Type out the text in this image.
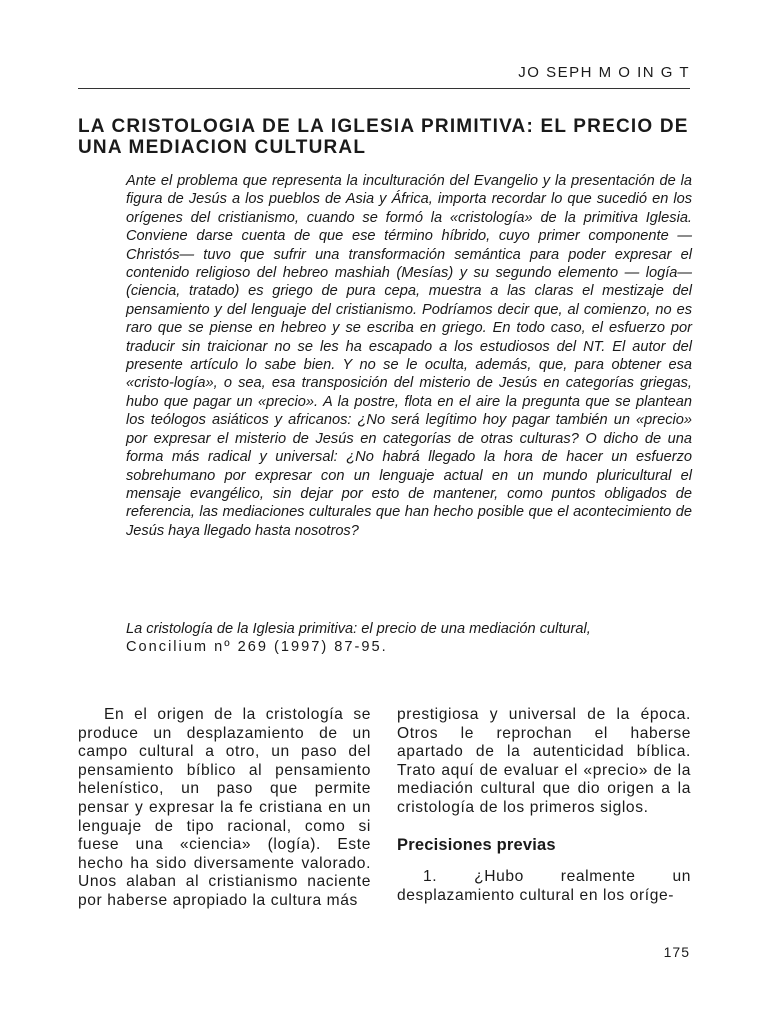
JO SEPH M O IN G T
LA CRISTOLOGIA DE LA IGLESIA PRIMITIVA: EL PRECIO DE UNA MEDIACION CULTURAL

Ante el problema que representa la inculturación del Evangelio y la presentación de la figura de Jesús a los pueblos de Asia y África, importa recordar lo que sucedió en los orígenes del cristianismo, cuando se formó la «cristología» de la primitiva Iglesia. Conviene darse cuenta de que ese término híbrido, cuyo primer componente — Christós— tuvo que sufrir una transformación semántica para poder expresar el contenido religioso del hebreo mashiah (Mesías) y su segundo elemento — logía— (ciencia, tratado) es griego de pura cepa, muestra a las claras el mestizaje del pensamiento y del lenguaje del cristianismo. Podríamos decir que, al comienzo, no es raro que se piense en hebreo y se escriba en griego. En todo caso, el esfuerzo por traducir sin traicionar no se les ha escapado a los estudiosos del NT. El autor del presente artículo lo sabe bien. Y no se le oculta, además, que, para obtener esa «cristo-logía», o sea, esa transposición del misterio de Jesús en categorías griegas, hubo que pagar un «precio». A la postre, flota en el aire la pregunta que se plantean los teólogos asiáticos y africanos: ¿No será legítimo hoy pagar también un «precio» por expresar el misterio de Jesús en categorías de otras culturas? O dicho de una forma más radical y universal: ¿No habrá llegado la hora de hacer un esfuerzo sobrehumano por expresar con un lenguaje actual en un mundo pluricultural el mensaje evangélico, sin dejar por esto de mantener, como puntos obligados de referencia, las mediaciones culturales que han hecho posible que el acontecimiento de Jesús haya llegado hasta nosotros?

La cristología de la Iglesia primitiva: el precio de una mediación cultural,
Concilium nº 269 (1997) 87-95.

En el origen de la cristología se produce un desplazamiento de un campo cultural a otro, un paso del pensamiento bíblico al pensamiento helenístico, un paso que permite pensar y expresar la fe cristiana en un lenguaje de tipo racional, como si fuese una «ciencia» (logía). Este hecho ha sido diversamente valorado. Unos alaban al cristianismo naciente por haberse apropiado la cultura más

prestigiosa y universal de la época. Otros le reprochan el haberse apartado de la autenticidad bíblica. Trato aquí de evaluar el «precio» de la mediación cultural que dio origen a la cristología de los primeros siglos.

Precisiones previas

1. ¿Hubo realmente un desplazamiento cultural en los oríge-

175
